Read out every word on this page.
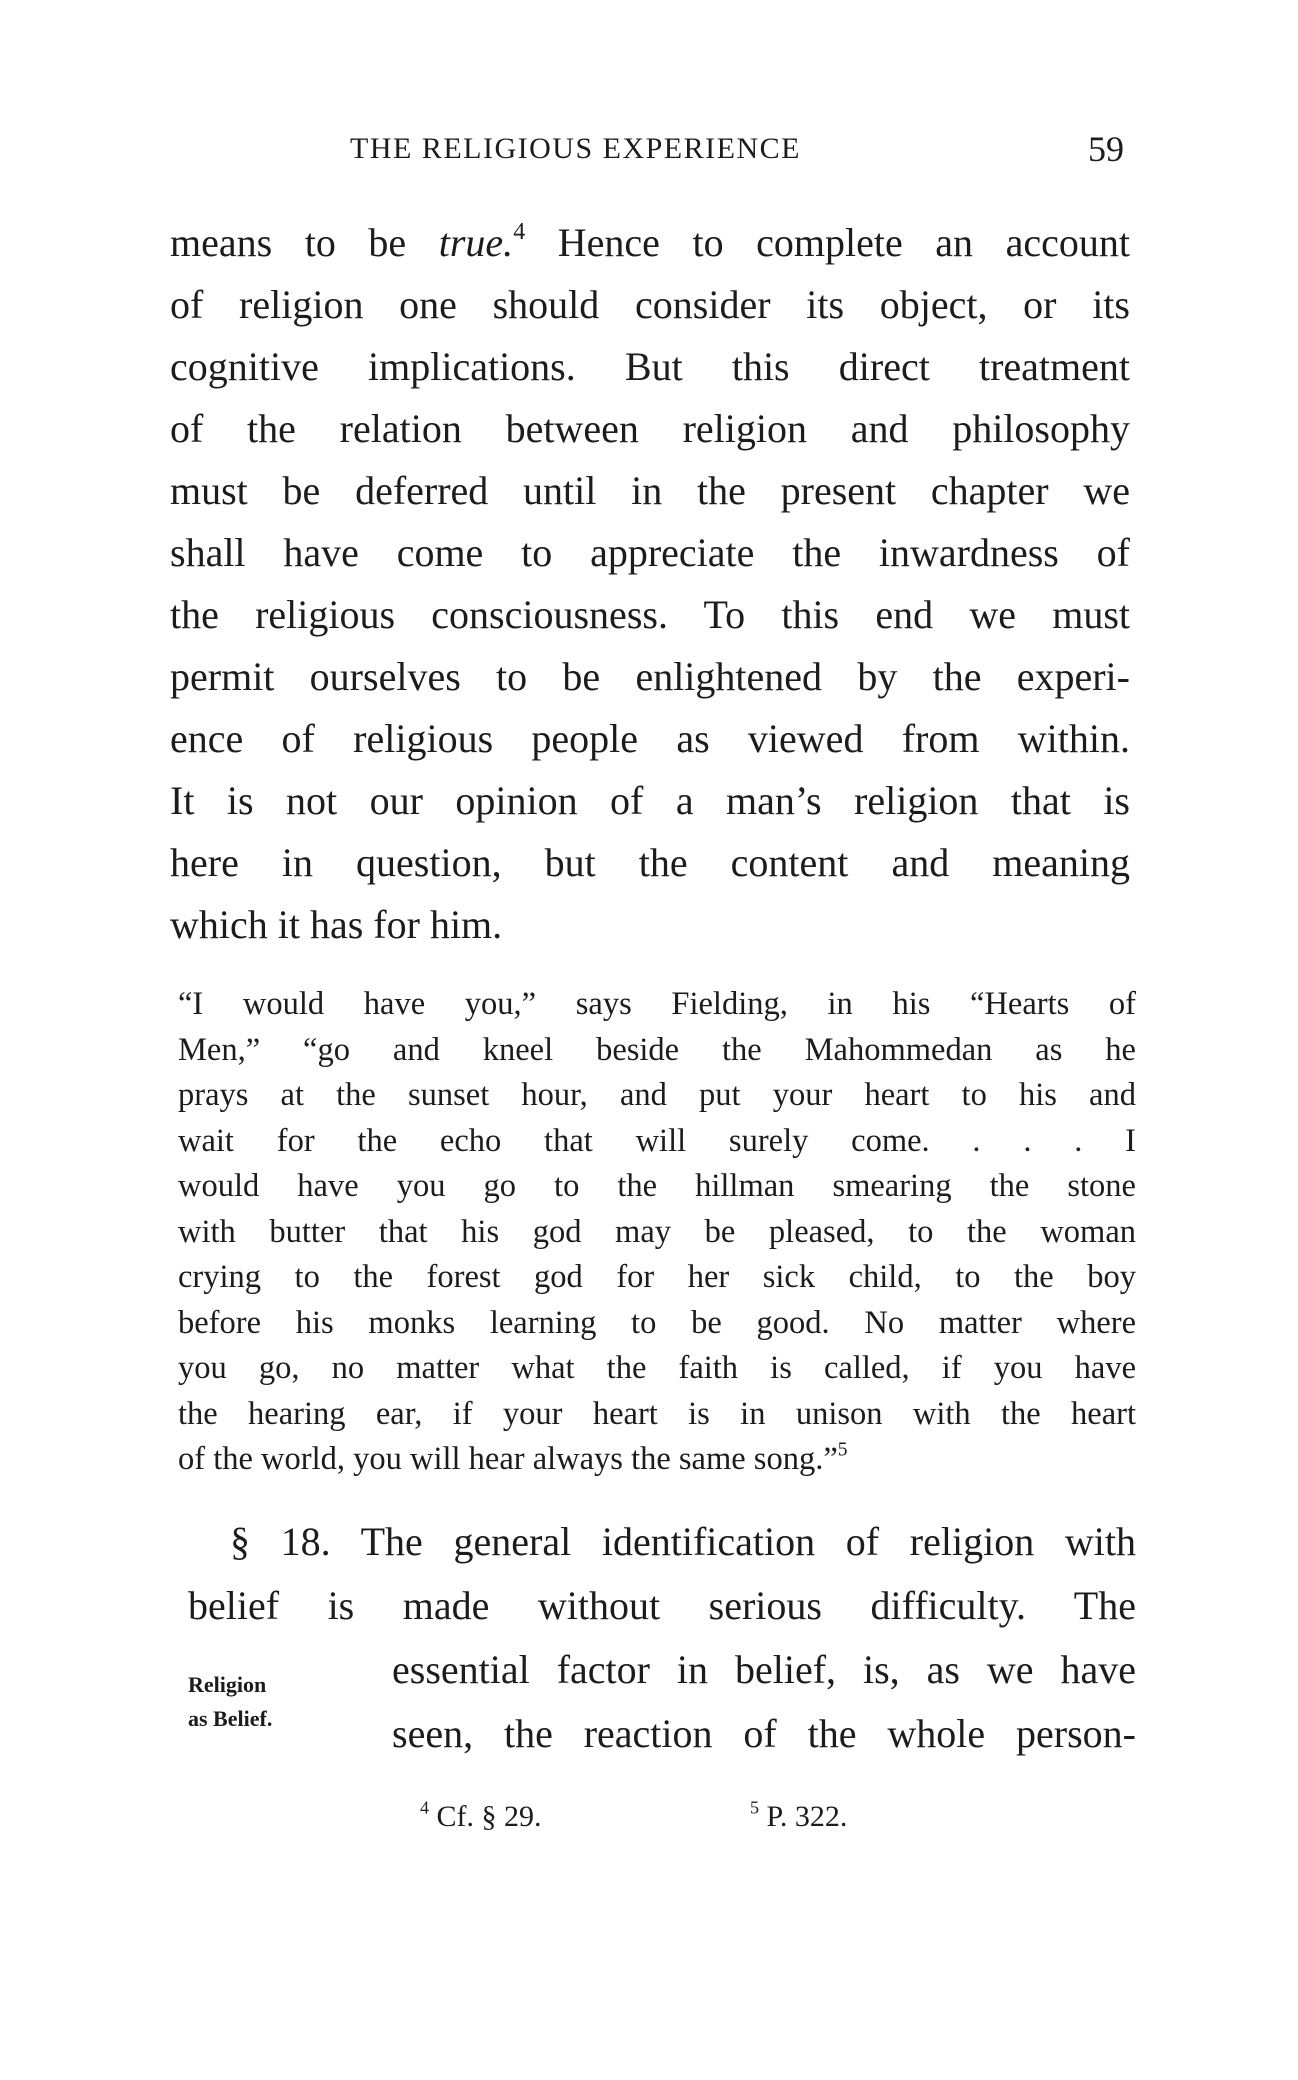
THE RELIGIOUS EXPERIENCE	59
means to be true.$^4$ Hence to complete an account
of religion one should consider its object, or its
cognitive implications. But this direct treatment
of the relation between religion and philosophy
must be deferred until in the present chapter we
shall have come to appreciate the inwardness of
the religious consciousness. To this end we must
permit ourselves to be enlightened by the experi-
ence of religious people as viewed from within.
It is not our opinion of a man’s religion that is
here in question, but the content and meaning
which it has for him.
“I would have you,” says Fielding, in his “Hearts of
Men,” “go and kneel beside the Mahommedan as he
prays at the sunset hour, and put your heart to his and
wait for the echo that will surely come. . . . I
would have you go to the hillman smearing the stone
with butter that his god may be pleased, to the woman
crying to the forest god for her sick child, to the boy
before his monks learning to be good. No matter where
you go, no matter what the faith is called, if you have
the hearing ear, if your heart is in unison with the heart
of the world, you will hear always the same song.”$^5$
§ 18. The general identification of religion with
belief is made without serious difficulty. The
essential factor in belief, is, as we have
seen, the reaction of the whole person-
Religion
as Belief.
$^4$ Cf. § 29.	$^5$ P. 322.
